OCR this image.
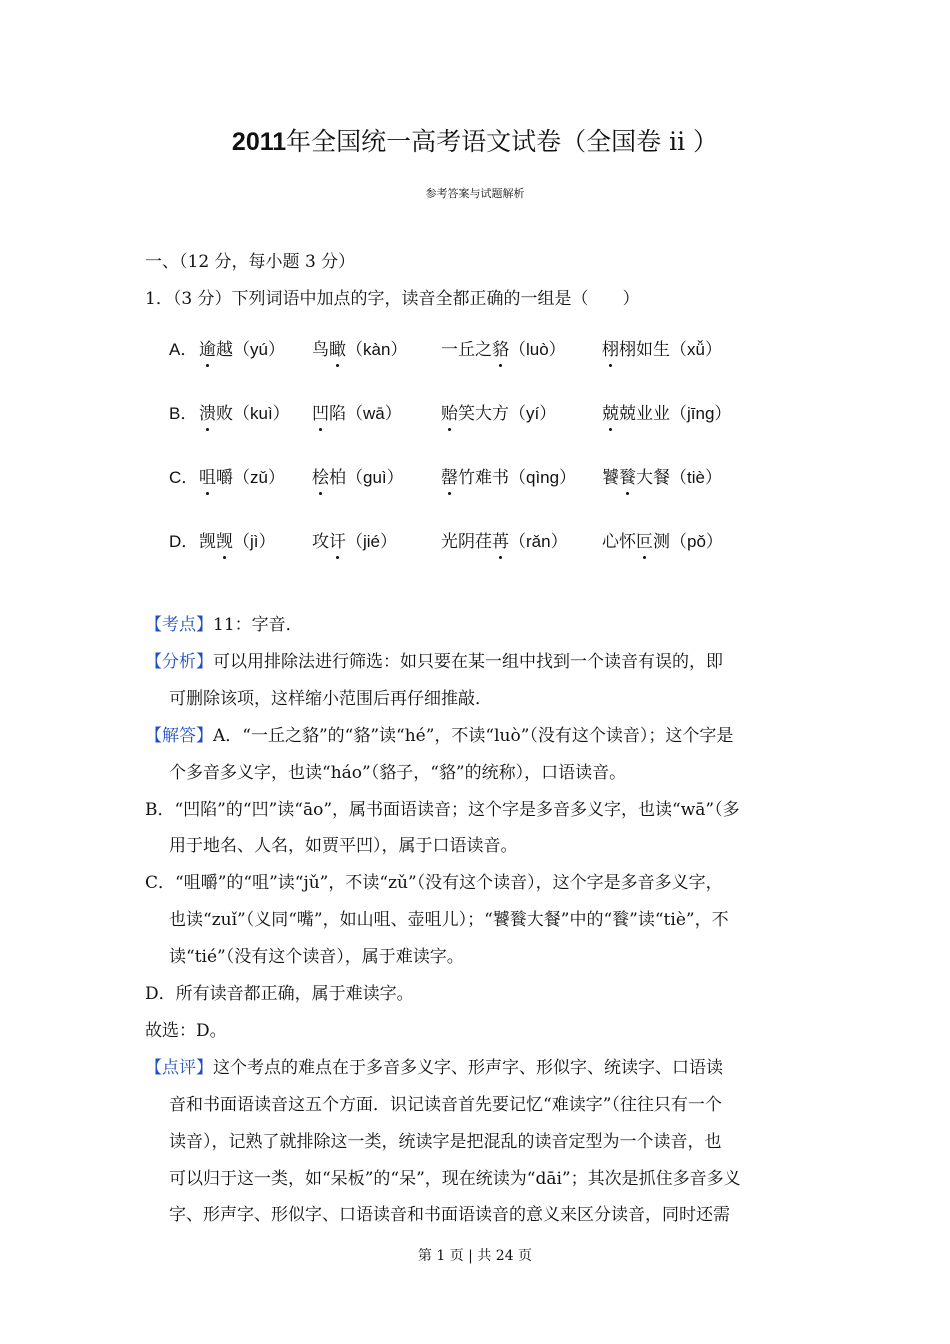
2011年全国统一高考语文试卷（全国卷 ii ）
参考答案与试题解析
一、（12 分，每小题 3 分）
1．（3 分）下列词语中加点的字，读音全都正确的一组是（　　）
A． 逾越
（yú） 鸟瞰
（kàn） 一丘之貉
（luò） 栩栩如生
（xǚ）
B． 溃败
（kuì） 凹陷
（wā） 贻笑大方
（yí）	兢兢业业
（jīng）
C． 咀嚼
（zǔ） 桧柏
（guì） 罄竹难书
（qìng） 饕餮大餐
（tiè）
D． 觊觊
（jì） 攻讦
（jié）	光阴荏苒
（rǎn） 心怀叵测
（pǒ）
【考点】11：字音．
【分析】可以用排除法进行筛选：如只要在某一组中找到一个读音有误的，即
可删除该项，这样缩小范围后再仔细推敲．
【解答】A．“一丘之貉”的“貉”读“hé”，不读“luò”（没有这个读音）；这个字是
个多音多义字，也读“háo”（貉子，“貉”的统称），口语读音。
B．“凹陷”的“凹”读“āo”，属书面语读音；这个字是多音多义字，也读“wā”（多
用于地名、人名，如贾平凹），属于口语读音。
C．“咀嚼”的“咀”读“jǔ”，不读“zǔ”（没有这个读音），这个字是多音多义字，
也读“zuǐ”（义同“嘴”，如山咀、壶咀儿）；“饕餮大餐”中的“餮”读“tiè”，不
读“tié”（没有这个读音），属于难读字。
D．所有读音都正确，属于难读字。
故选：D。
【点评】这个考点的难点在于多音多义字、形声字、形似字、统读字、口语读
音和书面语读音这五个方面．识记读音首先要记忆“难读字”（往往只有一个
读音），记熟了就排除这一类，统读字是把混乱的读音定型为一个读音，也
可以归于这一类，如“呆板”的“呆”，现在统读为“dāi”；其次是抓住多音多义
字、形声字、形似字、口语读音和书面语读音的意义来区分读音，同时还需
第 1 页 | 共 24 页
